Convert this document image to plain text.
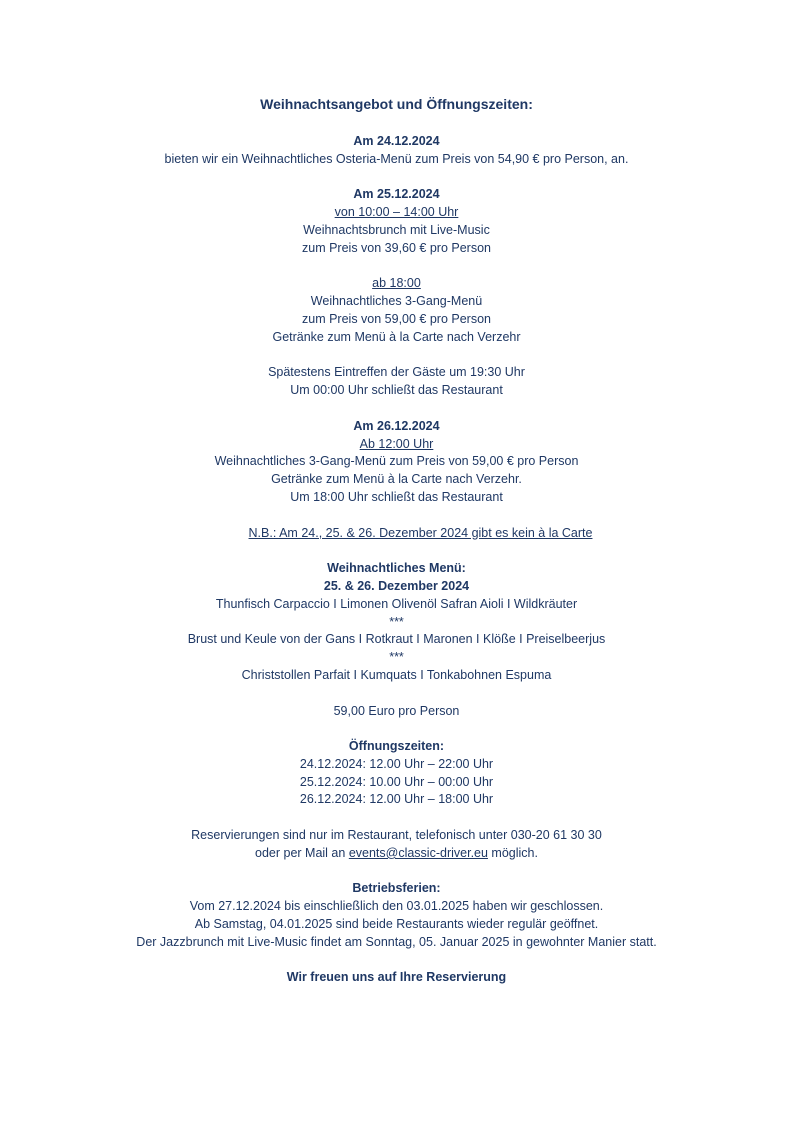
Weihnachtsangebot und Öffnungszeiten:

Am 24.12.2024

bieten wir ein Weihnachtliches Osteria-Menü zum Preis von 54,90 € pro Person, an.

Am 25.12.2024

von 10:00 – 14:00 Uhr

Weihnachtsbrunch mit Live-Music

zum Preis von 39,60 € pro Person

ab 18:00

Weihnachtliches 3-Gang-Menü

zum Preis von 59,00 € pro Person

Getränke zum Menü à la Carte nach Verzehr

Spätestens Eintreffen der Gäste um 19:30 Uhr

Um 00:00 Uhr schließt das Restaurant

Am 26.12.2024

Ab 12:00 Uhr

Weihnachtliches 3-Gang-Menü zum Preis von 59,00 € pro Person

Getränke zum Menü à la Carte nach Verzehr.

Um 18:00 Uhr schließt das Restaurant

N.B.: Am 24., 25. & 26. Dezember 2024 gibt es kein à la Carte

Weihnachtliches Menü:

25. & 26. Dezember 2024

Thunfisch Carpaccio I Limonen Olivenöl Safran Aioli I Wildkräuter

***

Brust und Keule von der Gans I Rotkraut I Maronen I Klöße I Preiselbeerjus

***

Christstollen Parfait I Kumquats I Tonkabohnen Espuma

59,00 Euro pro Person

Öffnungszeiten:

24.12.2024: 12.00 Uhr – 22:00 Uhr

25.12.2024: 10.00 Uhr – 00:00 Uhr

26.12.2024: 12.00 Uhr – 18:00 Uhr

Reservierungen sind nur im Restaurant, telefonisch unter 030-20 61 30 30

oder per Mail an events@classic-driver.eu möglich.

Betriebsferien:

Vom 27.12.2024 bis einschließlich den 03.01.2025 haben wir geschlossen.

Ab Samstag, 04.01.2025 sind beide Restaurants wieder regulär geöffnet.

Der Jazzbrunch mit Live-Music findet am Sonntag, 05. Januar 2025 in gewohnter Manier statt.

Wir freuen uns auf Ihre Reservierung
